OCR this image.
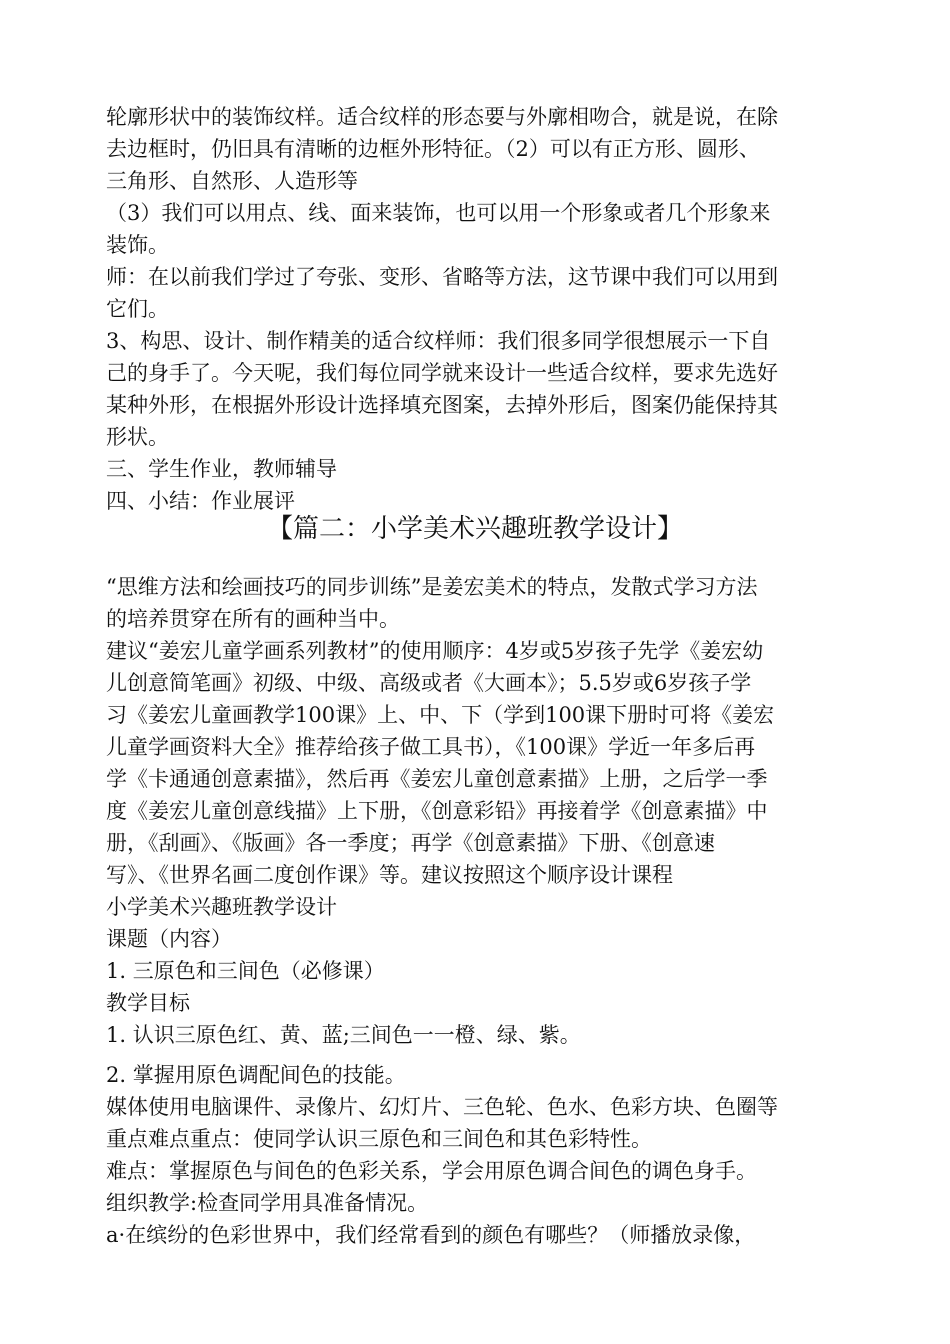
轮廓形状中的装饰纹样。适合纹样的形态要与外廓相吻合，就是说，在除
去边框时，仍旧具有清晰的边框外形特征。（2）可以有正方形、圆形、
三角形、自然形、人造形等
（3）我们可以用点、线、面来装饰，也可以用一个形象或者几个形象来
装饰。
师：在以前我们学过了夸张、变形、省略等方法，这节课中我们可以用到
它们。
3、构思、设计、制作精美的适合纹样师：我们很多同学很想展示一下自
己的身手了。今天呢，我们每位同学就来设计一些适合纹样，要求先选好
某种外形，在根据外形设计选择填充图案，去掉外形后，图案仍能保持其
形状。
三、学生作业，教师辅导
四、小结：作业展评
【篇二：小学美术兴趣班教学设计】
“思维方法和绘画技巧的同步训练”是姜宏美术的特点，发散式学习方法
的培养贯穿在所有的画种当中。
建议“姜宏儿童学画系列教材”的使用顺序：4岁或5岁孩子先学《姜宏幼
儿创意简笔画》初级、中级、高级或者《大画本》；5.5岁或6岁孩子学
习《姜宏儿童画教学100课》上、中、下（学到100课下册时可将《姜宏
儿童学画资料大全》推荐给孩子做工具书），《100课》学近一年多后再
学《卡通通创意素描》，然后再《姜宏儿童创意素描》上册，之后学一季
度《姜宏儿童创意线描》上下册，《创意彩铅》再接着学《创意素描》中
册，《刮画》、《版画》各一季度；再学《创意素描》下册、《创意速
写》、《世界名画二度创作课》等。建议按照这个顺序设计课程
小学美术兴趣班教学设计
课题（内容）
1. 三原色和三间色（必修课）
教学目标
1. 认识三原色红、黄、蓝;三间色一一橙、绿、紫。
2. 掌握用原色调配间色的技能。
媒体使用电脑课件、录像片、幻灯片、三色轮、色水、色彩方块、色圈等
重点难点重点：使同学认识三原色和三间色和其色彩特性。
难点：掌握原色与间色的色彩关系，学会用原色调合间色的调色身手。
组织教学:检查同学用具准备情况。
a·在缤纷的色彩世界中，我们经常看到的颜色有哪些？（师播放录像，
